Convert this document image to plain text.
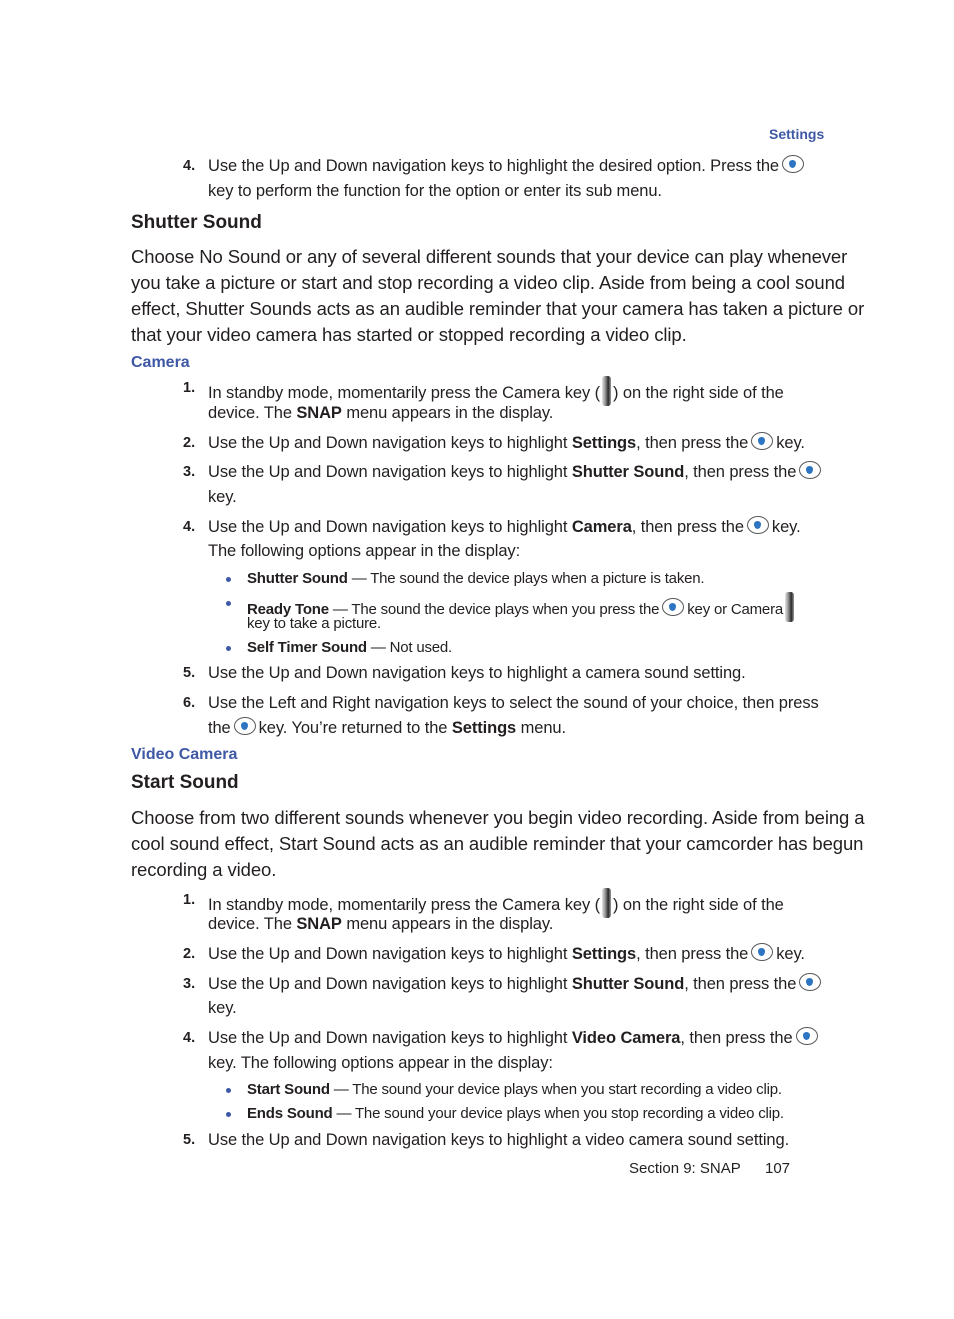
Settings
4. Use the Up and Down navigation keys to highlight the desired option. Press the
key to perform the function for the option or enter its sub menu.
Shutter Sound
Choose No Sound or any of several different sounds that your device can play whenever
you take a picture or start and stop recording a video clip. Aside from being a cool sound
effect, Shutter Sounds acts as an audible reminder that your camera has taken a picture or
that your video camera has started or stopped recording a video clip.
Camera
1. In standby mode, momentarily press the Camera key ( ) on the right side of the
device. The SNAP menu appears in the display.
2. Use the Up and Down navigation keys to highlight Settings, then press the key.
3. Use the Up and Down navigation keys to highlight Shutter Sound, then press the
key.
4. Use the Up and Down navigation keys to highlight Camera, then press the key.
The following options appear in the display:
Shutter Sound — The sound the device plays when a picture is taken.
Ready Tone — The sound the device plays when you press the key or Camera
key to take a picture.
Self Timer Sound — Not used.
5. Use the Up and Down navigation keys to highlight a camera sound setting.
6. Use the Left and Right navigation keys to select the sound of your choice, then press
the key. You’re returned to the Settings menu.
Video Camera
Start Sound
Choose from two different sounds whenever you begin video recording. Aside from being a
cool sound effect, Start Sound acts as an audible reminder that your camcorder has begun
recording a video.
1. In standby mode, momentarily press the Camera key ( ) on the right side of the
device. The SNAP menu appears in the display.
2. Use the Up and Down navigation keys to highlight Settings, then press the key.
3. Use the Up and Down navigation keys to highlight Shutter Sound, then press the
key.
4. Use the Up and Down navigation keys to highlight Video Camera, then press the
key. The following options appear in the display:
Start Sound — The sound your device plays when you start recording a video clip.
Ends Sound — The sound your device plays when you stop recording a video clip.
5. Use the Up and Down navigation keys to highlight a video camera sound setting.
Section 9: SNAP 107
